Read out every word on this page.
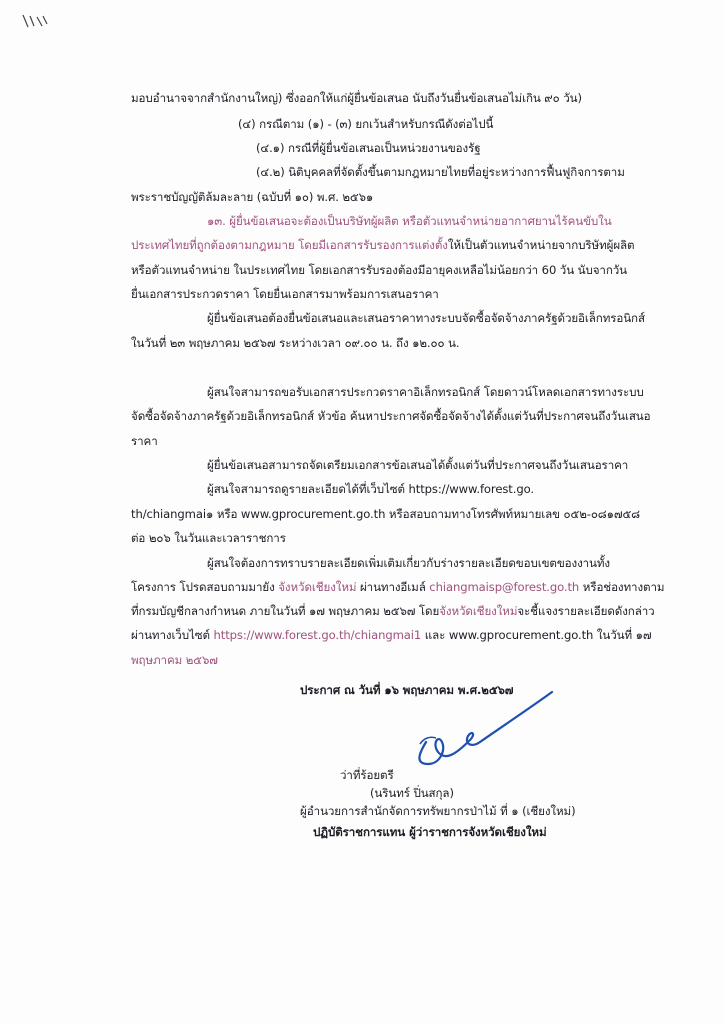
มอบอำนาจจากสำนักงานใหญ่) ซึ่งออกให้แก่ผู้ยื่นข้อเสนอ นับถึงวันยื่นข้อเสนอไม่เกิน ๙๐ วัน)
(๔) กรณีตาม (๑) - (๓) ยกเว้นสำหรับกรณีดังต่อไปนี้
(๔.๑) กรณีที่ผู้ยื่นข้อเสนอเป็นหน่วยงานของรัฐ
(๔.๒) นิติบุคคลที่จัดตั้งขึ้นตามกฎหมายไทยที่อยู่ระหว่างการฟื้นฟูกิจการตาม
พระราชบัญญัติล้มละลาย (ฉบับที่ ๑๐) พ.ศ. ๒๕๖๑
๑๓. ผู้ยื่นข้อเสนอจะต้องเป็นบริษัทผู้ผลิต หรือตัวแทนจำหน่ายอากาศยานไร้คนขับใน
ประเทศไทยที่ถูกต้องตามกฎหมาย โดยมีเอกสารรับรองการแต่งตั้งให้เป็นตัวแทนจำหน่ายจากบริษัทผู้ผลิต
หรือตัวแทนจำหน่าย ในประเทศไทย โดยเอกสารรับรองต้องมีอายุคงเหลือไม่น้อยกว่า 60 วัน นับจากวัน
ยื่นเอกสารประกวดราคา โดยยื่นเอกสารมาพร้อมการเสนอราคา
ผู้ยื่นข้อเสนอต้องยื่นข้อเสนอและเสนอราคาทางระบบจัดซื้อจัดจ้างภาครัฐด้วยอิเล็กทรอนิกส์
ในวันที่ ๒๓ พฤษภาคม ๒๕๖๗ ระหว่างเวลา ๐๙.๐๐ น. ถึง ๑๒.๐๐ น.
ผู้สนใจสามารถขอรับเอกสารประกวดราคาอิเล็กทรอนิกส์ โดยดาวน์โหลดเอกสารทางระบบ
จัดซื้อจัดจ้างภาครัฐด้วยอิเล็กทรอนิกส์ หัวข้อ ค้นหาประกาศจัดซื้อจัดจ้างได้ตั้งแต่วันที่ประกาศจนถึงวันเสนอ
ราคา
ผู้ยื่นข้อเสนอสามารถจัดเตรียมเอกสารข้อเสนอได้ตั้งแต่วันที่ประกาศจนถึงวันเสนอราคา
ผู้สนใจสามารถดูรายละเอียดได้ที่เว็บไซต์ https://www.forest.go.
th/chiangmai๑ หรือ www.gprocurement.go.th หรือสอบถามทางโทรศัพท์หมายเลข ๐๕๒-๐๘๑๗๕๘
ต่อ ๒๐๖ ในวันและเวลาราชการ
ผู้สนใจต้องการทราบรายละเอียดเพิ่มเติมเกี่ยวกับร่างรายละเอียดขอบเขตของงานทั้ง
โครงการ โปรดสอบถามมายัง จังหวัดเชียงใหม่ ผ่านทางอีเมล์ chiangmaisp@forest.go.th หรือช่องทางตาม
ที่กรมบัญชีกลางกำหนด ภายในวันที่ ๑๗ พฤษภาคม ๒๕๖๗ โดยจังหวัดเชียงใหม่จะชี้แจงรายละเอียดดังกล่าว
ผ่านทางเว็บไซต์ https://www.forest.go.th/chiangmai1 และ www.gprocurement.go.th ในวันที่ ๑๗
พฤษภาคม ๒๕๖๗
ประกาศ ณ วันที่ ๑๖ พฤษภาคม พ.ศ.๒๕๖๗
ว่าที่ร้อยตรี
(นรินทร์ ปิ่นสกุล)
ผู้อำนวยการสำนักจัดการทรัพยากรป่าไม้ ที่ ๑ (เชียงใหม่)
ปฏิบัติราชการแทน ผู้ว่าราชการจังหวัดเชียงใหม่
